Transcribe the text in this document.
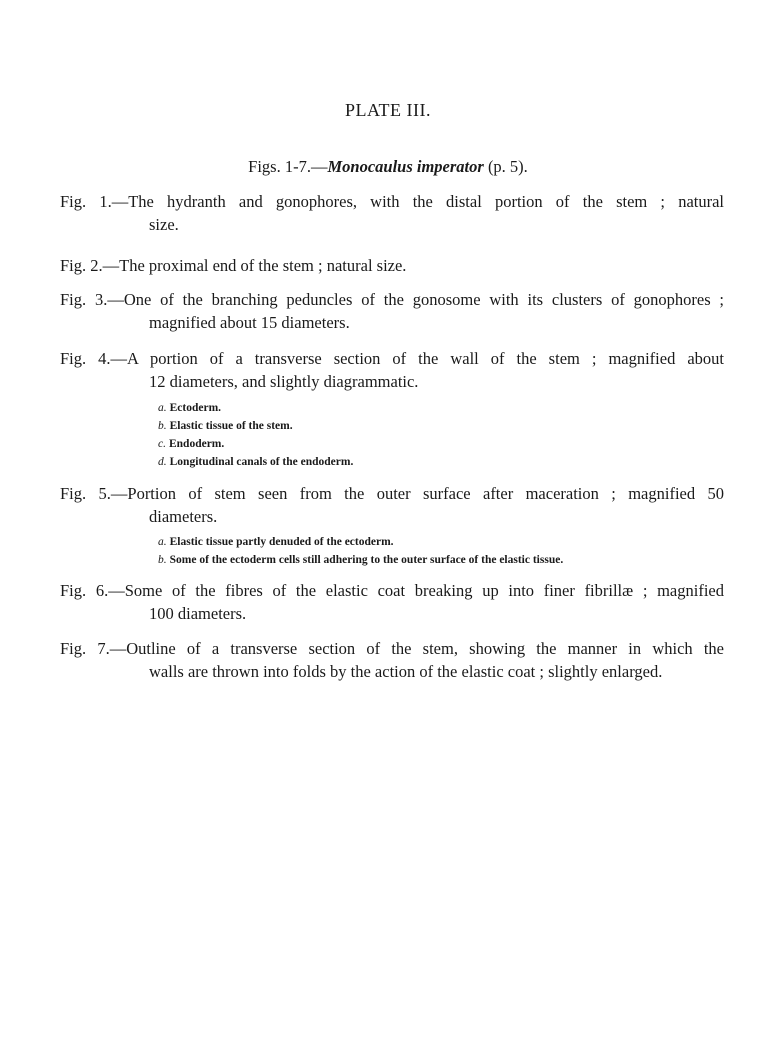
PLATE III.
Figs. 1-7.—Monocaulus imperator (p. 5).
Fig. 1.—The hydranth and gonophores, with the distal portion of the stem ; natural
size.
Fig. 2.—The proximal end of the stem ; natural size.
Fig. 3.—One of the branching peduncles of the gonosome with its clusters of gonophores ;
magnified about 15 diameters.
Fig. 4.—A portion of a transverse section of the wall of the stem ; magnified about
12 diameters, and slightly diagrammatic.
a. Ectoderm.
b. Elastic tissue of the stem.
c. Endoderm.
d. Longitudinal canals of the endoderm.
Fig. 5.—Portion of stem seen from the outer surface after maceration ; magnified 50
diameters.
a. Elastic tissue partly denuded of the ectoderm.
b. Some of the ectoderm cells still adhering to the outer surface of the elastic tissue.
Fig. 6.—Some of the fibres of the elastic coat breaking up into finer fibrillæ ; magnified
100 diameters.
Fig. 7.—Outline of a transverse section of the stem, showing the manner in which the
walls are thrown into folds by the action of the elastic coat ; slightly enlarged.
